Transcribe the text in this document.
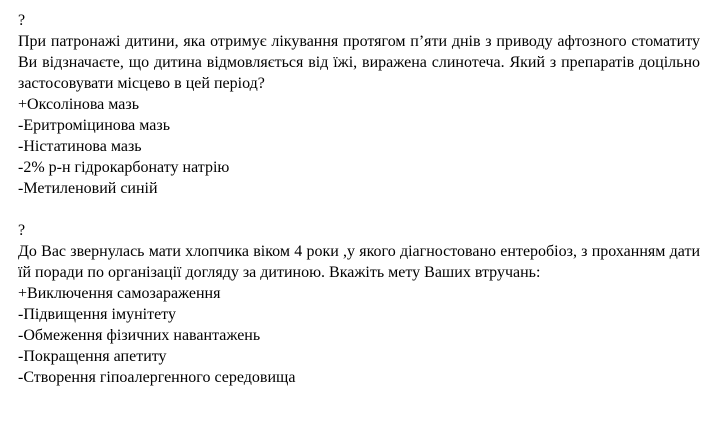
?
При патронажі дитини, яка отримує лікування протягом п’яти днів з приводу афтозного стоматиту Ви відзначаєте, що дитина відмовляється від їжі, виражена слинотеча. Який з препаратів доцільно застосовувати місцево в цей період?
+Оксолінова мазь
-Еритроміцинова мазь
-Ністатинова мазь
-2% р-н гідрокарбонату натрію
-Метиленовий синій
?
До Вас звернулась мати хлопчика віком 4 роки ,у якого діагностовано ентеробіоз, з проханням дати їй поради по організації догляду за дитиною. Вкажіть мету Ваших втручань:
+Виключення самозараження
-Підвищення імунітету
-Обмеження фізичних навантажень
-Покращення апетиту
-Створення гіпоалергенного середовища
